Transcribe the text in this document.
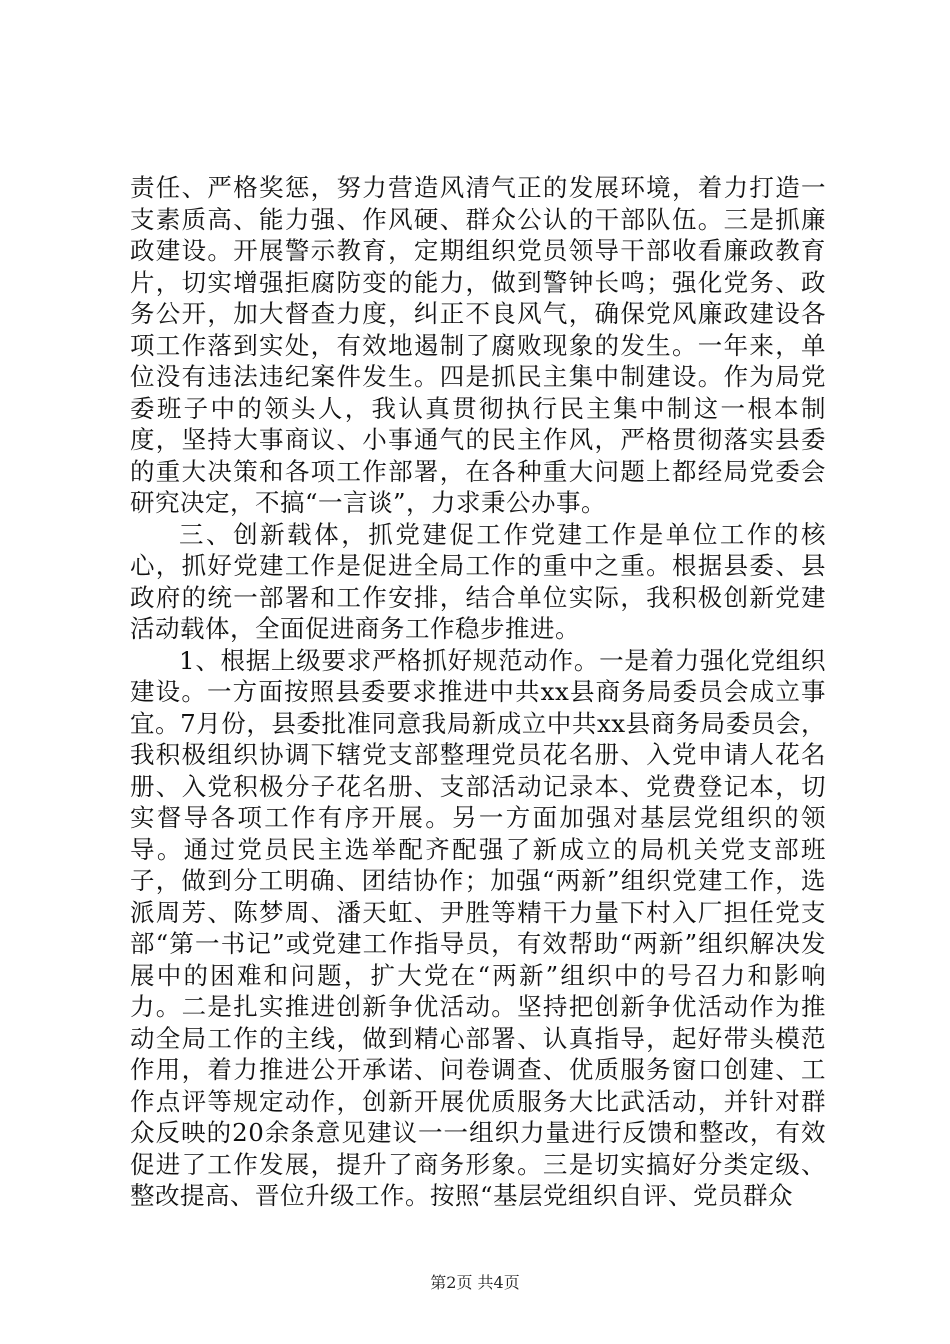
责任、严格奖惩，努力营造风清气正的发展环境，着力打造一支素质高、能力强、作风硬、群众公认的干部队伍。三是抓廉政建设。开展警示教育，定期组织党员领导干部收看廉政教育片，切实增强拒腐防变的能力，做到警钟长鸣；强化党务、政务公开，加大督查力度，纠正不良风气，确保党风廉政建设各项工作落到实处，有效地遏制了腐败现象的发生。一年来，单位没有违法违纪案件发生。四是抓民主集中制建设。作为局党委班子中的领头人，我认真贯彻执行民主集中制这一根本制度，坚持大事商议、小事通气的民主作风，严格贯彻落实县委的重大决策和各项工作部署，在各种重大问题上都经局党委会研究决定，不搞“一言谈”，力求秉公办事。

三、创新载体，抓党建促工作党建工作是单位工作的核心，抓好党建工作是促进全局工作的重中之重。根据县委、县政府的统一部署和工作安排，结合单位实际，我积极创新党建活动载体，全面促进商务工作稳步推进。

1、根据上级要求严格抓好规范动作。一是着力强化党组织建设。一方面按照县委要求推进中共xx县商务局委员会成立事宜。7月份，县委批准同意我局新成立中共xx县商务局委员会，我积极组织协调下辖党支部整理党员花名册、入党申请人花名册、入党积极分子花名册、支部活动记录本、党费登记本，切实督导各项工作有序开展。另一方面加强对基层党组织的领导。通过党员民主选举配齐配强了新成立的局机关党支部班子，做到分工明确、团结协作；加强“两新”组织党建工作，选派周芳、陈梦周、潘天虹、尹胜等精干力量下村入厂担任党支部“第一书记”或党建工作指导员，有效帮助“两新”组织解决发展中的困难和问题，扩大党在“两新”组织中的号召力和影响力。二是扎实推进创新争优活动。坚持把创新争优活动作为推动全局工作的主线，做到精心部署、认真指导，起好带头模范作用，着力推进公开承诺、问卷调查、优质服务窗口创建、工作点评等规定动作，创新开展优质服务大比武活动，并针对群众反映的20余条意见建议一一组织力量进行反馈和整改，有效促进了工作发展，提升了商务形象。三是切实搞好分类定级、整改提高、晋位升级工作。按照“基层党组织自评、党员群众

第2页 共4页
